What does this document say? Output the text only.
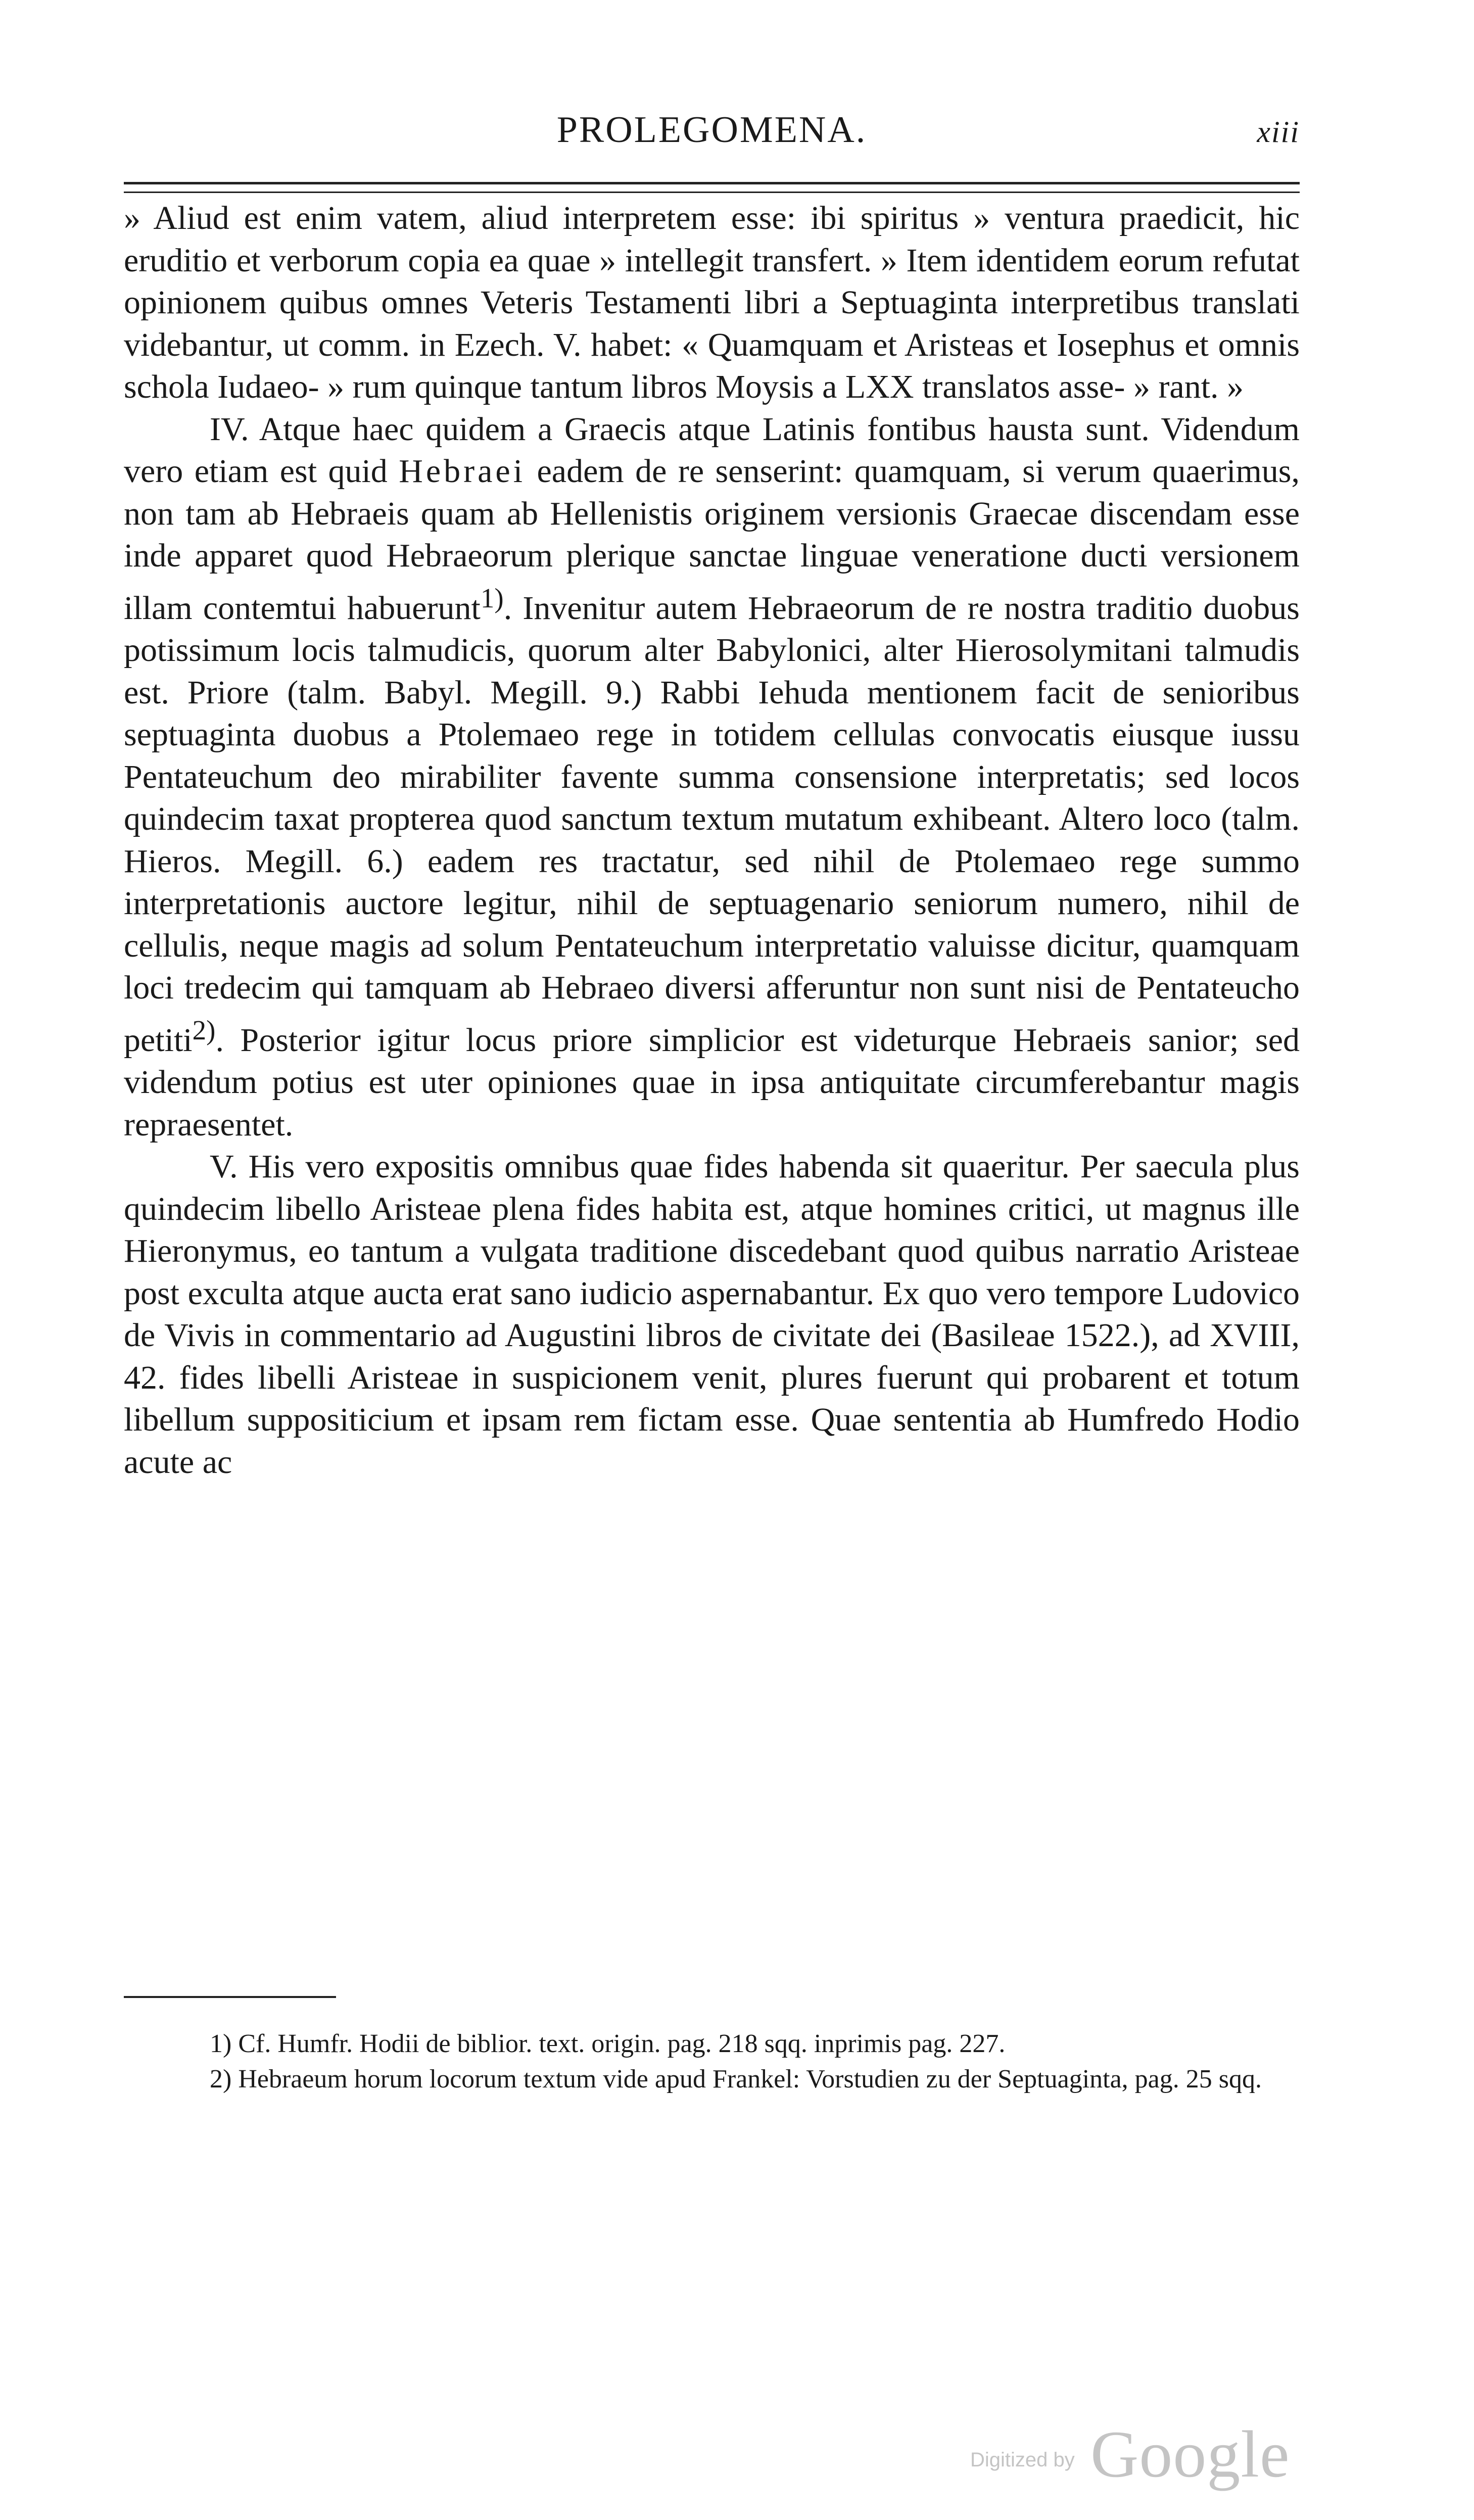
PROLEGOMENA.	xiii

» Aliud est enim vatem, aliud interpretem esse: ibi spiritus » ventura praedicit, hic eruditio et verborum copia ea quae » intellegit transfert. » Item identidem eorum refutat opinionem quibus omnes Veteris Testamenti libri a Septuaginta interpretibus translati videbantur, ut comm. in Ezech. V. habet: « Quamquam et Aristeas et Iosephus et omnis schola Iudaeo- » rum quinque tantum libros Moysis a LXX translatos asse- » rant. »

IV. Atque haec quidem a Graecis atque Latinis fontibus hausta sunt. Videndum vero etiam est quid Hebraei eadem de re senserint: quamquam, si verum quaerimus, non tam ab Hebraeis quam ab Hellenistis originem versionis Graecae discendam esse inde apparet quod Hebraeorum plerique sanctae linguae veneratione ducti versionem illam contemtui habuerunt$^{1)}$. Invenitur autem Hebraeorum de re nostra traditio duobus potissimum locis talmudicis, quorum alter Babylonici, alter Hierosolymitani talmudis est. Priore (talm. Babyl. Megill. 9.) Rabbi Iehuda mentionem facit de senioribus septuaginta duobus a Ptolemaeo rege in totidem cellulas convocatis eiusque iussu Pentateuchum deo mirabiliter favente summa consensione interpretatis; sed locos quindecim taxat propterea quod sanctum textum mutatum exhibeant. Altero loco (talm. Hieros. Megill. 6.) eadem res tractatur, sed nihil de Ptolemaeo rege summo interpretationis auctore legitur, nihil de septuagenario seniorum numero, nihil de cellulis, neque magis ad solum Pentateuchum interpretatio valuisse dicitur, quamquam loci tredecim qui tamquam ab Hebraeo diversi afferuntur non sunt nisi de Pentateucho petiti$^{2)}$. Posterior igitur locus priore simplicior est videturque Hebraeis sanior; sed videndum potius est uter opiniones quae in ipsa antiquitate circumferebantur magis repraesentet.

V. His vero expositis omnibus quae fides habenda sit quaeritur. Per saecula plus quindecim libello Aristeae plena fides habita est, atque homines critici, ut magnus ille Hieronymus, eo tantum a vulgata traditione discedebant quod quibus narratio Aristeae post exculta atque aucta erat sano iudicio aspernabantur. Ex quo vero tempore Ludovico de Vivis in commentario ad Augustini libros de civitate dei (Basileae 1522.), ad XVIII, 42. fides libelli Aristeae in suspicionem venit, plures fuerunt qui probarent et totum libellum suppositicium et ipsam rem fictam esse. Quae sententia ab Humfredo Hodio acute ac

1) Cf. Humfr. Hodii de biblior. text. origin. pag. 218 sqq. inprimis pag. 227.

2) Hebraeum horum locorum textum vide apud Frankel: Vorstudien zu der Septuaginta, pag. 25 sqq.

Digitized by Google
